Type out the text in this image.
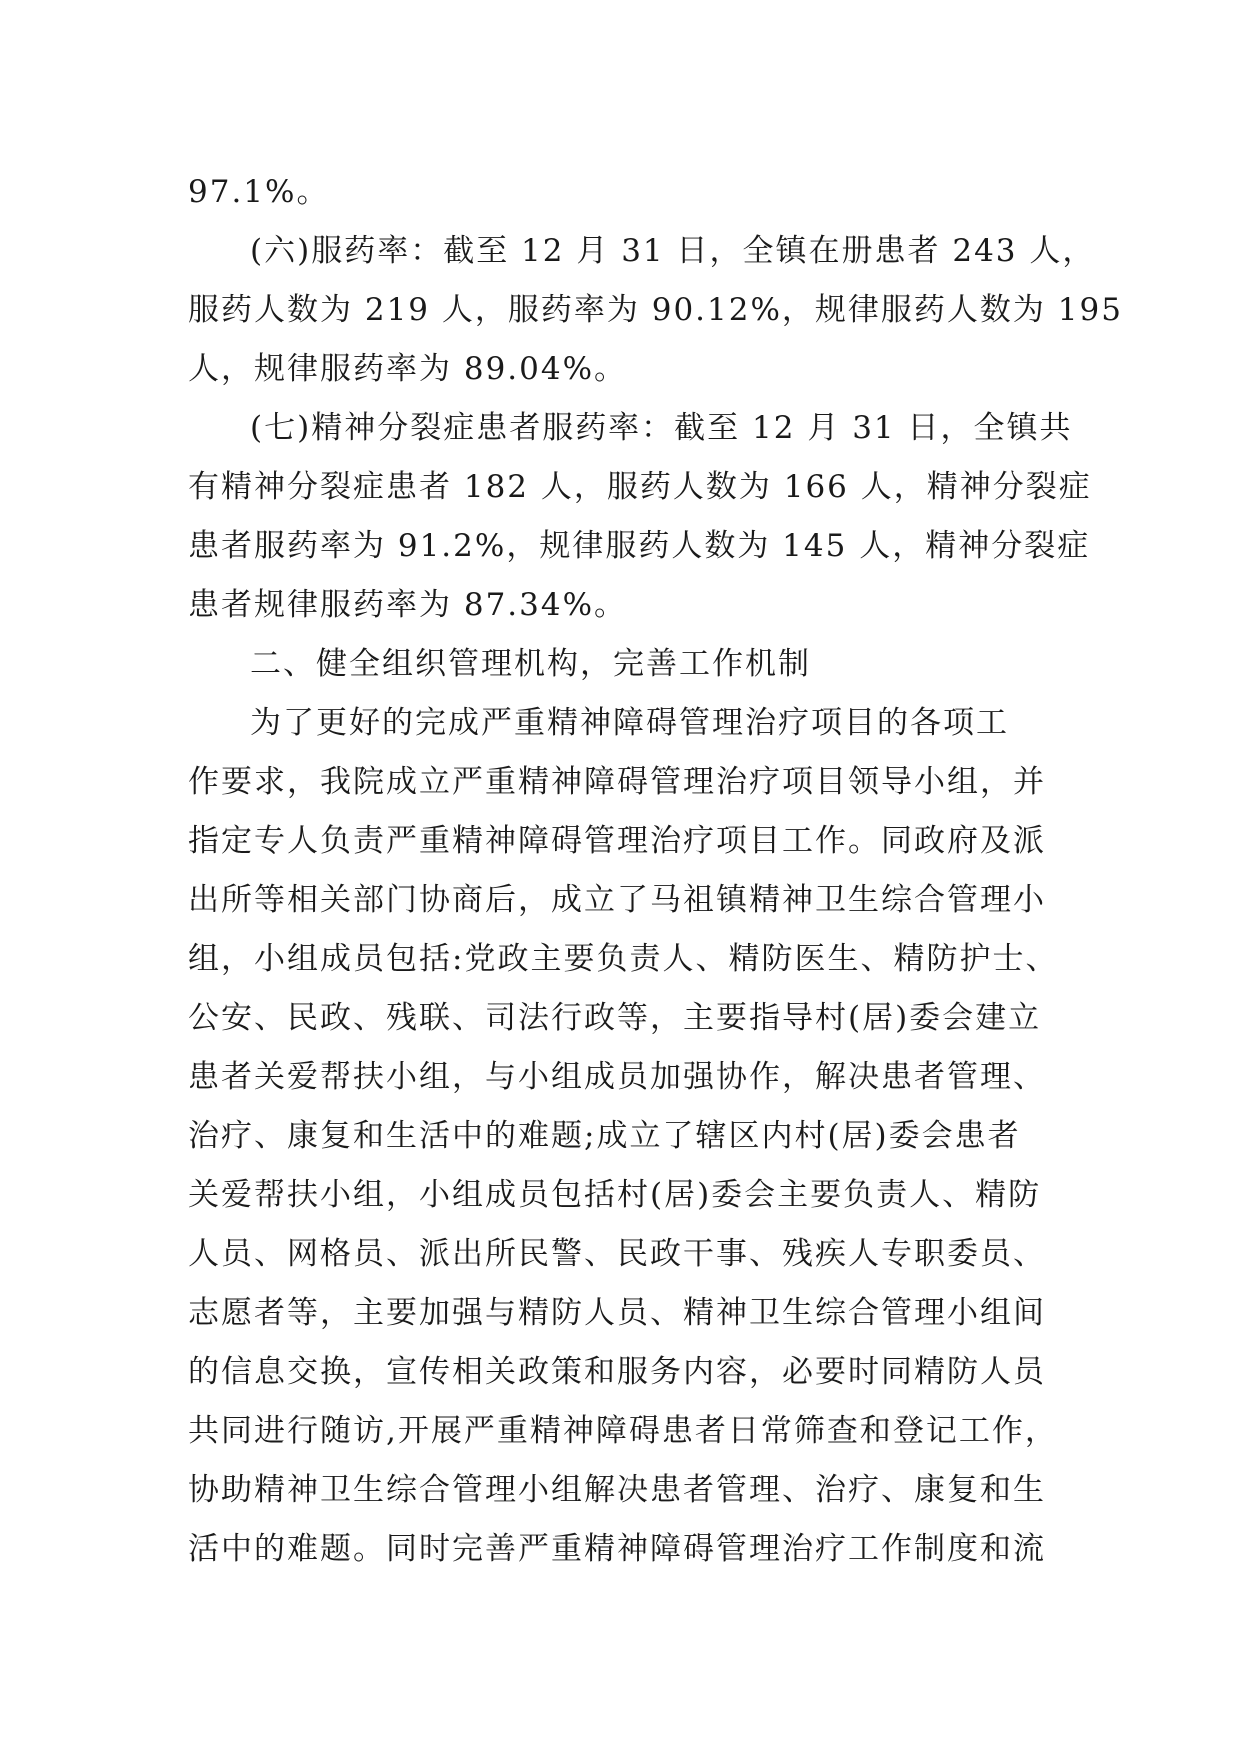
97.1%。
(六)服药率：截至 12 月 31 日，全镇在册患者 243 人，
服药人数为 219 人，服药率为 90.12%，规律服药人数为 195
人，规律服药率为 89.04%。
(七)精神分裂症患者服药率：截至 12 月 31 日，全镇共
有精神分裂症患者 182 人，服药人数为 166 人，精神分裂症
患者服药率为 91.2%，规律服药人数为 145 人，精神分裂症
患者规律服药率为 87.34%。
二、健全组织管理机构，完善工作机制
为了更好的完成严重精神障碍管理治疗项目的各项工
作要求，我院成立严重精神障碍管理治疗项目领导小组，并
指定专人负责严重精神障碍管理治疗项目工作。同政府及派
出所等相关部门协商后，成立了马祖镇精神卫生综合管理小
组，小组成员包括:党政主要负责人、精防医生、精防护士、
公安、民政、残联、司法行政等，主要指导村(居)委会建立
患者关爱帮扶小组，与小组成员加强协作，解决患者管理、
治疗、康复和生活中的难题;成立了辖区内村(居)委会患者
关爱帮扶小组，小组成员包括村(居)委会主要负责人、精防
人员、网格员、派出所民警、民政干事、残疾人专职委员、
志愿者等，主要加强与精防人员、精神卫生综合管理小组间
的信息交换，宣传相关政策和服务内容，必要时同精防人员
共同进行随访,开展严重精神障碍患者日常筛查和登记工作，
协助精神卫生综合管理小组解决患者管理、治疗、康复和生
活中的难题。同时完善严重精神障碍管理治疗工作制度和流
